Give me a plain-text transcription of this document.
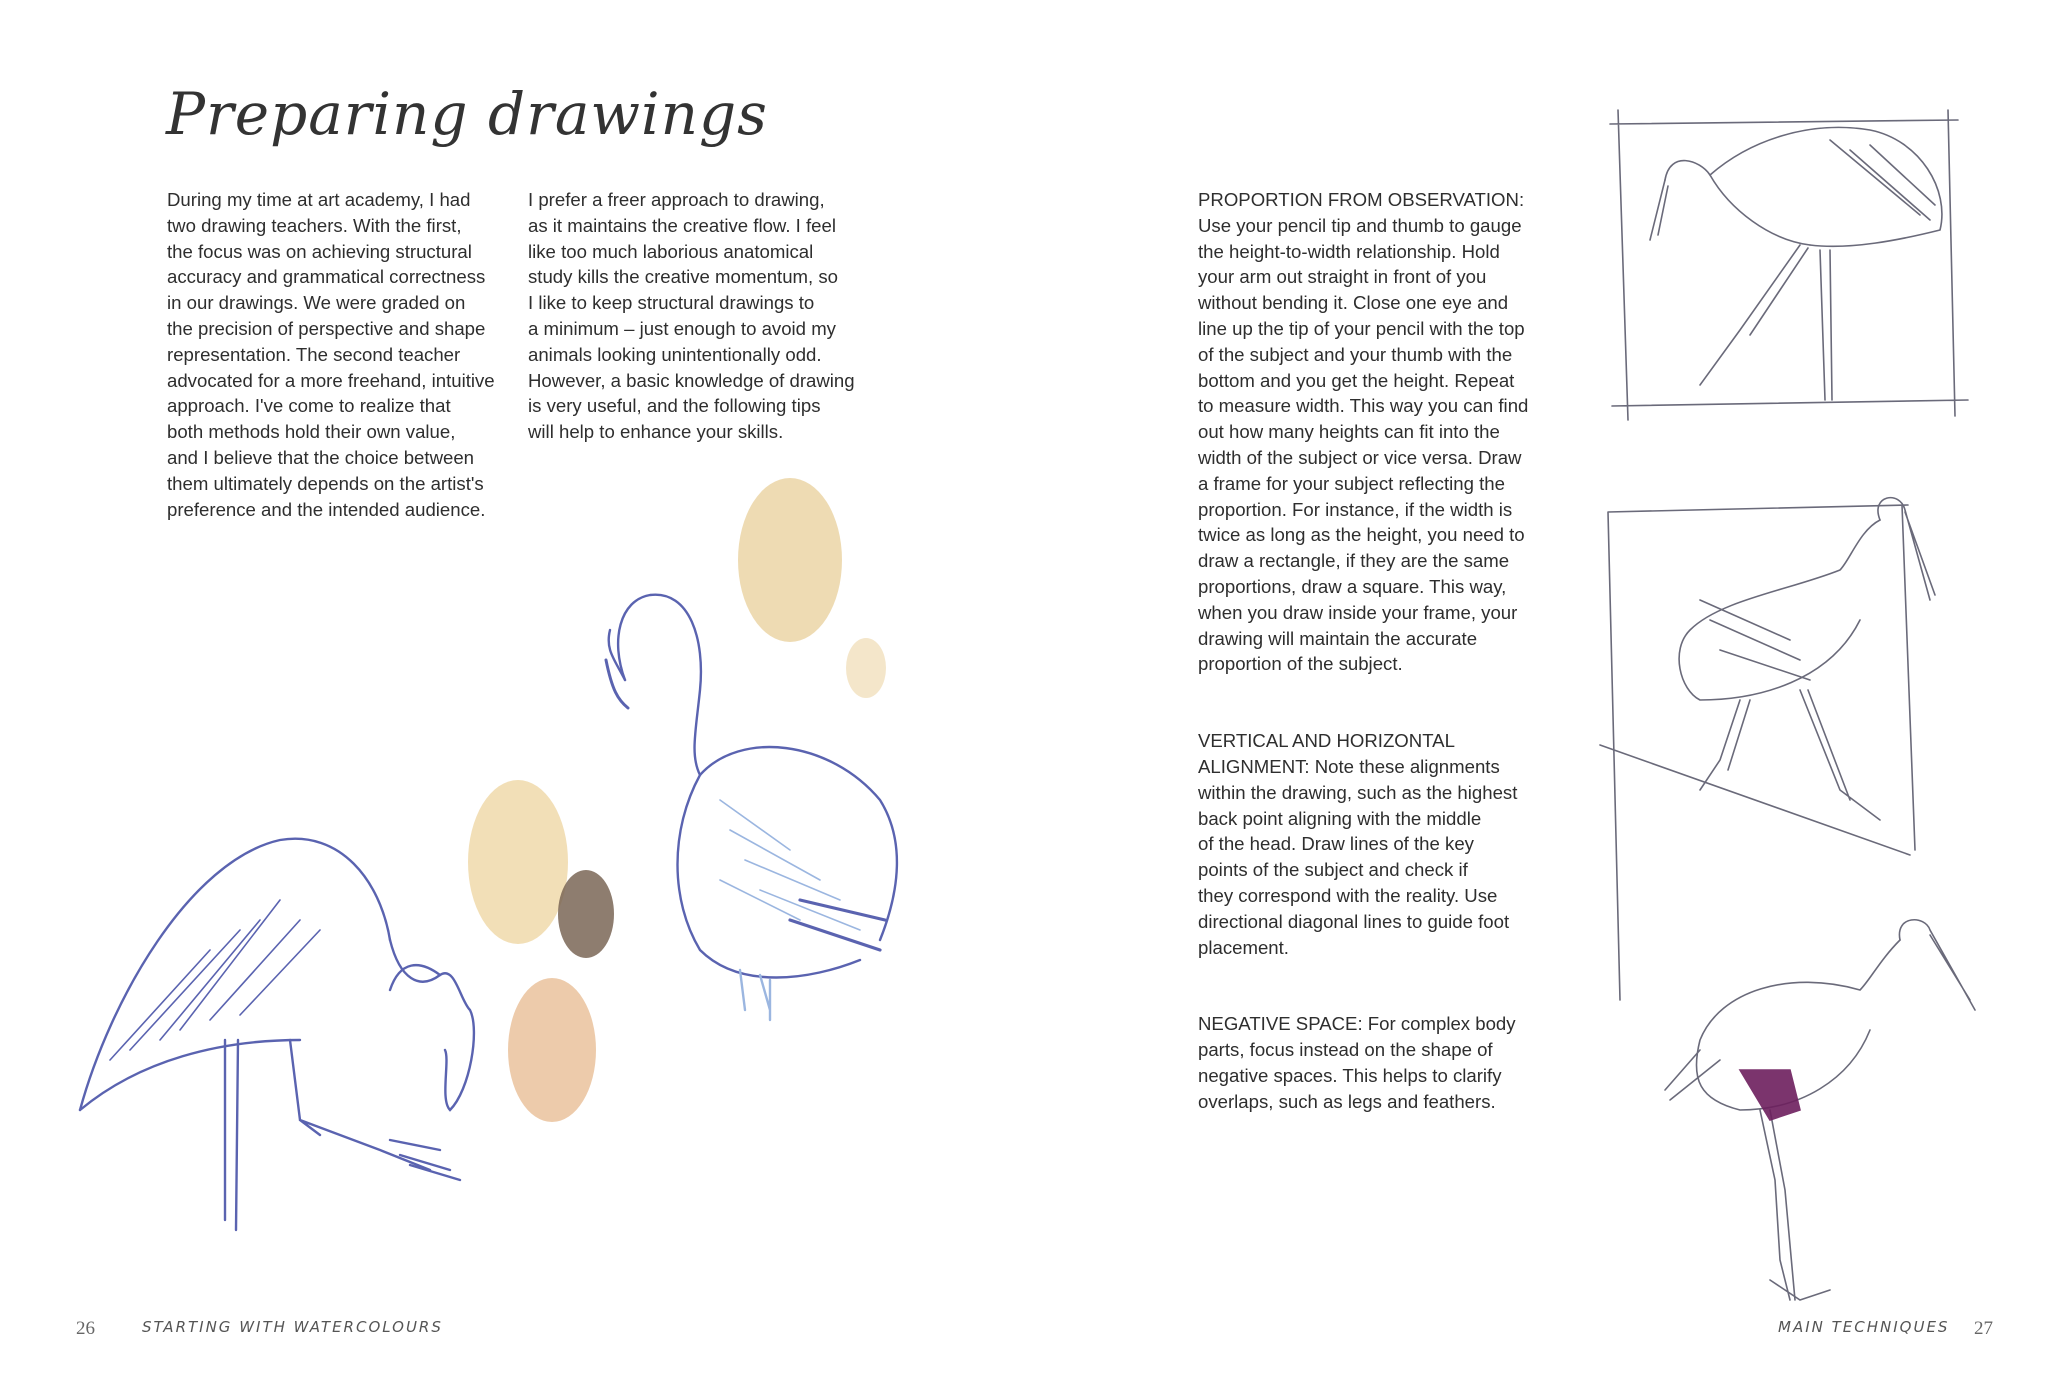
Preparing drawings

During my time at art academy, I had
two drawing teachers. With the first,
the focus was on achieving structural
accuracy and grammatical correctness
in our drawings. We were graded on
the precision of perspective and shape
representation. The second teacher
advocated for a more freehand, intuitive
approach. I've come to realize that
both methods hold their own value,
and I believe that the choice between
them ultimately depends on the artist's
preference and the intended audience.

I prefer a freer approach to drawing,
as it maintains the creative flow. I feel
like too much laborious anatomical
study kills the creative momentum, so
I like to keep structural drawings to
a minimum – just enough to avoid my
animals looking unintentionally odd.
However, a basic knowledge of drawing
is very useful, and the following tips
will help to enhance your skills.

PROPORTION FROM OBSERVATION:
Use your pencil tip and thumb to gauge
the height-to-width relationship. Hold
your arm out straight in front of you
without bending it. Close one eye and
line up the tip of your pencil with the top
of the subject and your thumb with the
bottom and you get the height. Repeat
to measure width. This way you can find
out how many heights can fit into the
width of the subject or vice versa. Draw
a frame for your subject reflecting the
proportion. For instance, if the width is
twice as long as the height, you need to
draw a rectangle, if they are the same
proportions, draw a square. This way,
when you draw inside your frame, your
drawing will maintain the accurate
proportion of the subject.

VERTICAL AND HORIZONTAL
ALIGNMENT: Note these alignments
within the drawing, such as the highest
back point aligning with the middle
of the head. Draw lines of the key
points of the subject and check if
they correspond with the reality. Use
directional diagonal lines to guide foot
placement.

NEGATIVE SPACE: For complex body
parts, focus instead on the shape of
negative spaces. This helps to clarify
overlaps, such as legs and feathers.

26	STARTING WITH WATERCOLOURS	MAIN TECHNIQUES 27
